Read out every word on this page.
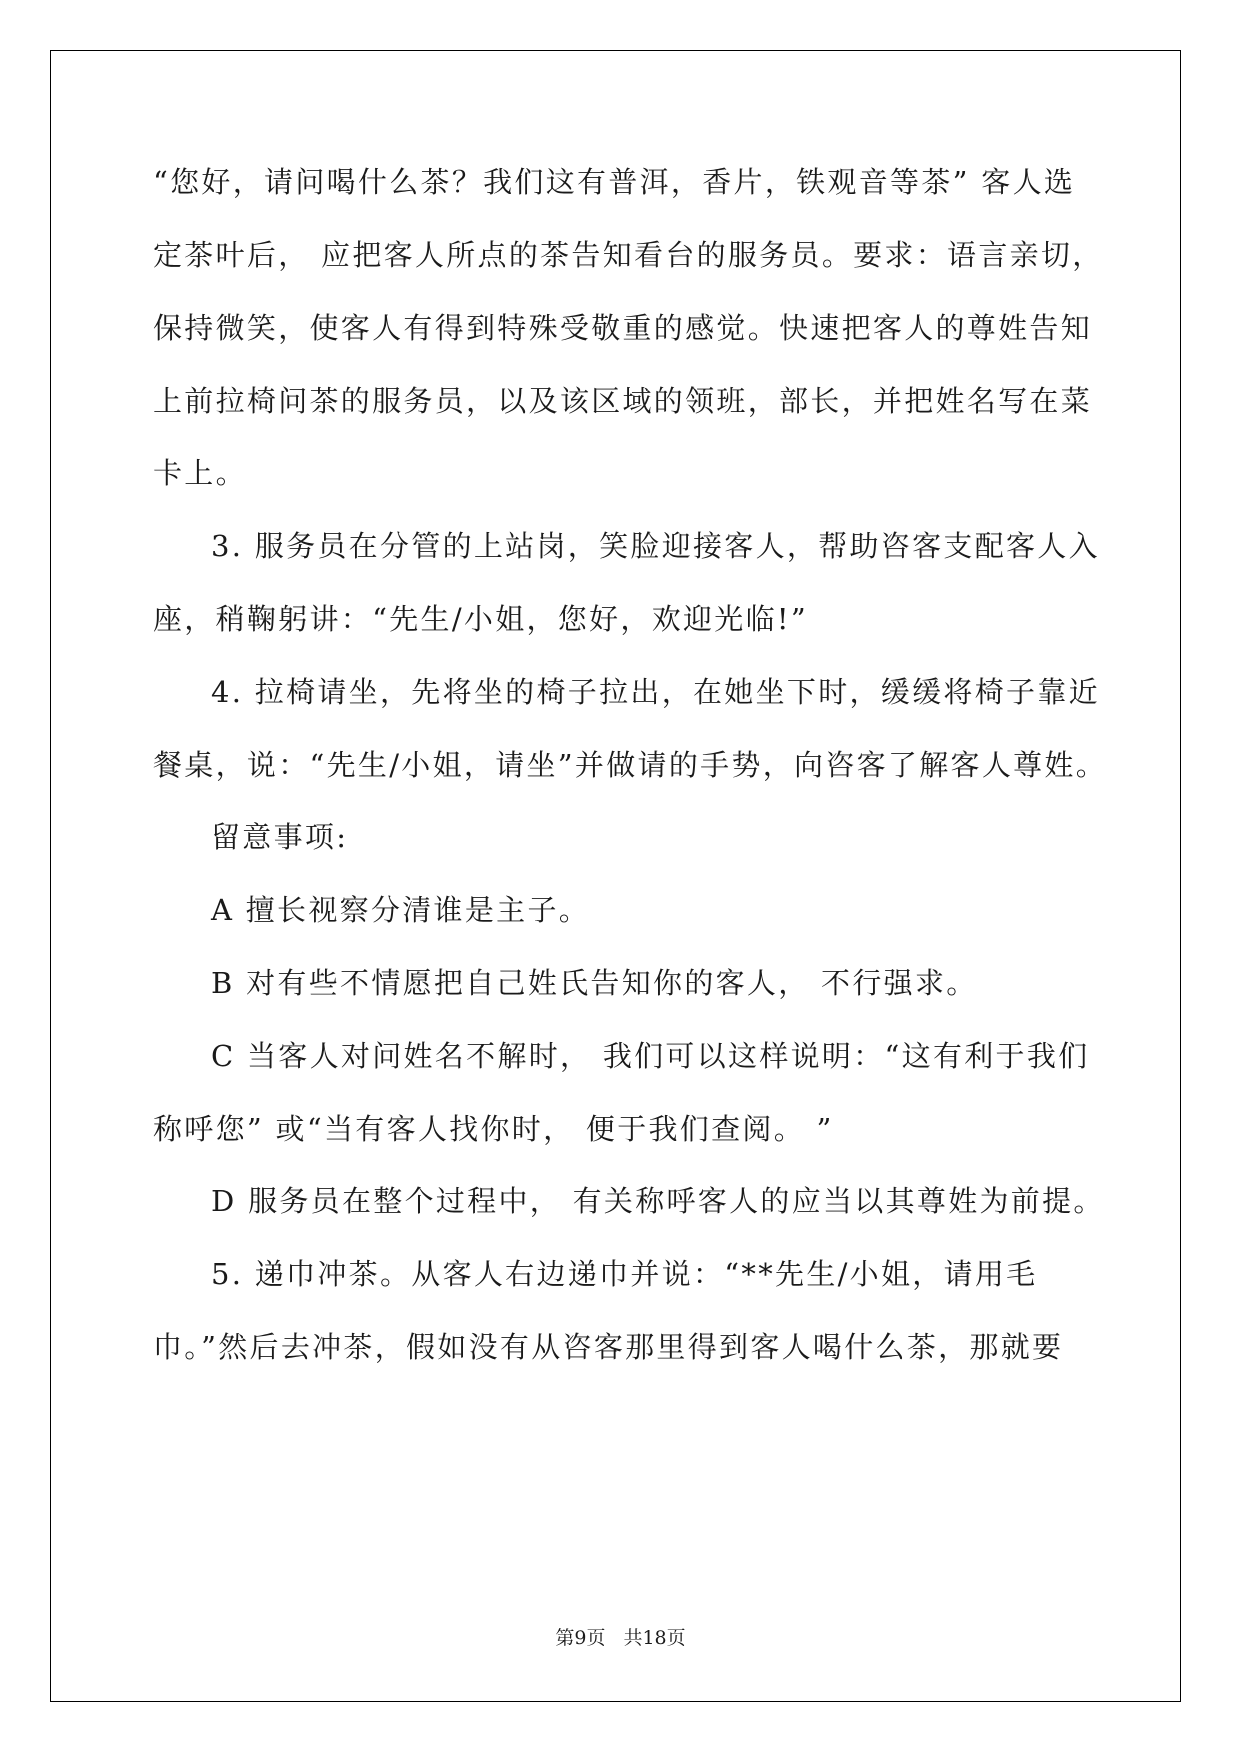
“您好，请问喝什么茶？我们这有普洱，香片，铁观音等茶” 客人选
定茶叶后， 应把客人所点的茶告知看台的服务员。要求：语言亲切，
保持微笑，使客人有得到特殊受敬重的感觉。快速把客人的尊姓告知
上前拉椅问茶的服务员，以及该区域的领班，部长，并把姓名写在菜
卡上。
3. 服务员在分管的上站岗，笑脸迎接客人，帮助咨客支配客人入
座，稍鞠躬讲：“先生/小姐，您好，欢迎光临!”
4. 拉椅请坐，先将坐的椅子拉出，在她坐下时，缓缓将椅子靠近
餐桌，说：“先生/小姐，请坐”并做请的手势，向咨客了解客人尊姓。
留意事项:
A 擅长视察分清谁是主子。
B 对有些不情愿把自己姓氏告知你的客人， 不行强求。
C 当客人对问姓名不解时， 我们可以这样说明：“这有利于我们
称呼您” 或“当有客人找你时， 便于我们查阅。 ”
D 服务员在整个过程中， 有关称呼客人的应当以其尊姓为前提。
5. 递巾冲茶。从客人右边递巾并说：“**先生/小姐，请用毛
巾。”然后去冲茶，假如没有从咨客那里得到客人喝什么茶，那就要
第9页 共18页
